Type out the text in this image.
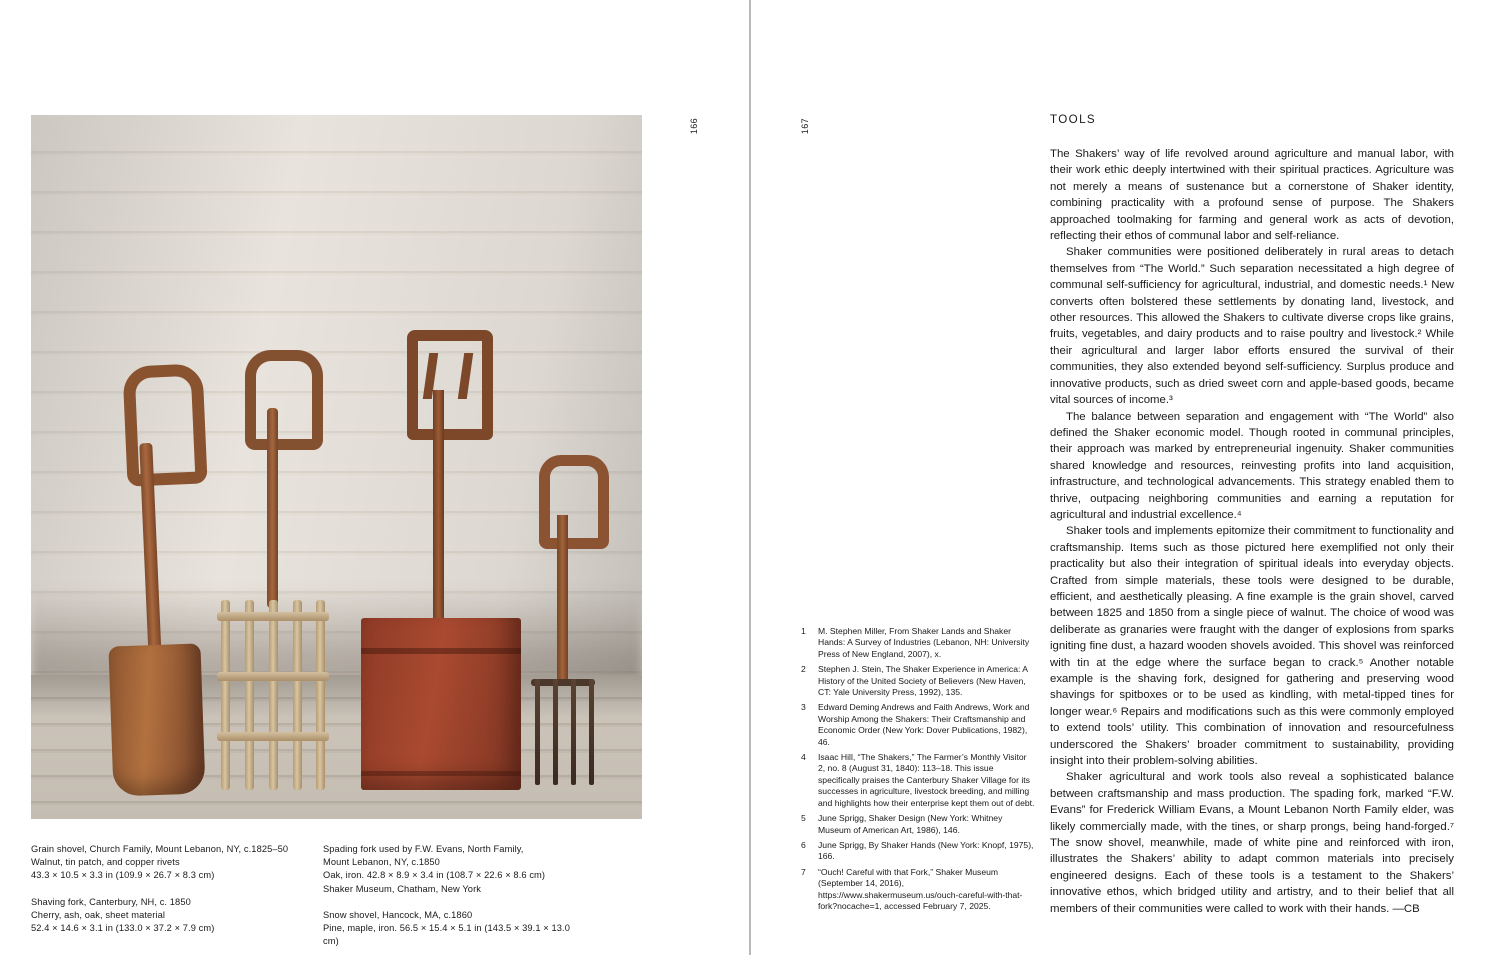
Grain shovel, Church Family, Mount Lebanon, NY, c.1825–50
Walnut, tin patch, and copper rivets
43.3 × 10.5 × 3.3 in (109.9 × 26.7 × 8.3 cm)
Shaving fork, Canterbury, NH, c. 1850
Cherry, ash, oak, sheet material
52.4 × 14.6 × 3.1 in (133.0 × 37.2 × 7.9 cm)
Spading fork used by F.W. Evans, North Family,
Mount Lebanon, NY, c.1850
Oak, iron. 42.8 × 8.9 × 3.4 in (108.7 × 22.6 × 8.6 cm)
Shaker Museum, Chatham, New York
Snow shovel, Hancock, MA, c.1860
Pine, maple, iron. 56.5 × 15.4 × 5.1 in (143.5 × 39.1 × 13.0 cm)
166	167
1	M. Stephen Miller, From Shaker Lands and Shaker Hands: A Survey of Industries (Lebanon, NH: University Press of New England, 2007), x.
2	Stephen J. Stein, The Shaker Experience in America: A History of the United Society of Believers (New Haven, CT: Yale University Press, 1992), 135.
3	Edward Deming Andrews and Faith Andrews, Work and Worship Among the Shakers: Their Craftsmanship and Economic Order (New York: Dover Publications, 1982), 46.
4	Isaac Hill, “The Shakers,” The Farmer’s Monthly Visitor 2, no. 8 (August 31, 1840): 113–18. This issue specifically praises the Canterbury Shaker Village for its successes in agriculture, livestock breeding, and milling and highlights how their enterprise kept them out of debt.
5	June Sprigg, Shaker Design (New York: Whitney Museum of American Art, 1986), 146.
6	June Sprigg, By Shaker Hands (New York: Knopf, 1975), 166.
7	“Ouch! Careful with that Fork,” Shaker Museum (September 14, 2016), https://www.shakermuseum.us/ouch-careful-with-that-fork?nocache=1, accessed February 7, 2025.
TOOLS

The Shakers’ way of life revolved around agriculture and manual labor, with their work ethic deeply intertwined with their spiritual practices. Agriculture was not merely a means of sustenance but a cornerstone of Shaker identity, combining practicality with a profound sense of purpose. The Shakers approached toolmaking for farming and general work as acts of devotion, reflecting their ethos of communal labor and self-reliance.

Shaker communities were positioned deliberately in rural areas to detach themselves from “The World.” Such separation necessitated a high degree of communal self-sufficiency for agricultural, industrial, and domestic needs.¹ New converts often bolstered these settlements by donating land, livestock, and other resources. This allowed the Shakers to cultivate diverse crops like grains, fruits, vegetables, and dairy products and to raise poultry and livestock.² While their agricultural and larger labor efforts ensured the survival of their communities, they also extended beyond self-sufficiency. Surplus produce and innovative products, such as dried sweet corn and apple-based goods, became vital sources of income.³

The balance between separation and engagement with “The World” also defined the Shaker economic model. Though rooted in communal principles, their approach was marked by entrepreneurial ingenuity. Shaker communities shared knowledge and resources, reinvesting profits into land acquisition, infrastructure, and technological advancements. This strategy enabled them to thrive, outpacing neighboring communities and earning a reputation for agricultural and industrial excellence.⁴

Shaker tools and implements epitomize their commitment to functionality and craftsmanship. Items such as those pictured here exemplified not only their practicality but also their integration of spiritual ideals into everyday objects. Crafted from simple materials, these tools were designed to be durable, efficient, and aesthetically pleasing. A fine example is the grain shovel, carved between 1825 and 1850 from a single piece of walnut. The choice of wood was deliberate as granaries were fraught with the danger of explosions from sparks igniting fine dust, a hazard wooden shovels avoided. This shovel was reinforced with tin at the edge where the surface began to crack.⁵ Another notable example is the shaving fork, designed for gathering and preserving wood shavings for spitboxes or to be used as kindling, with metal-tipped tines for longer wear.⁶ Repairs and modifications such as this were commonly employed to extend tools’ utility. This combination of innovation and resourcefulness underscored the Shakers’ broader commitment to sustainability, providing insight into their problem-solving abilities.

Shaker agricultural and work tools also reveal a sophisticated balance between craftsmanship and mass production. The spading fork, marked “F.W. Evans” for Frederick William Evans, a Mount Lebanon North Family elder, was likely commercially made, with the tines, or sharp prongs, being hand-forged.⁷ The snow shovel, meanwhile, made of white pine and reinforced with iron, illustrates the Shakers’ ability to adapt common materials into precisely engineered designs. Each of these tools is a testament to the Shakers’ innovative ethos, which bridged utility and artistry, and to their belief that all members of their communities were called to work with their hands. —CB
